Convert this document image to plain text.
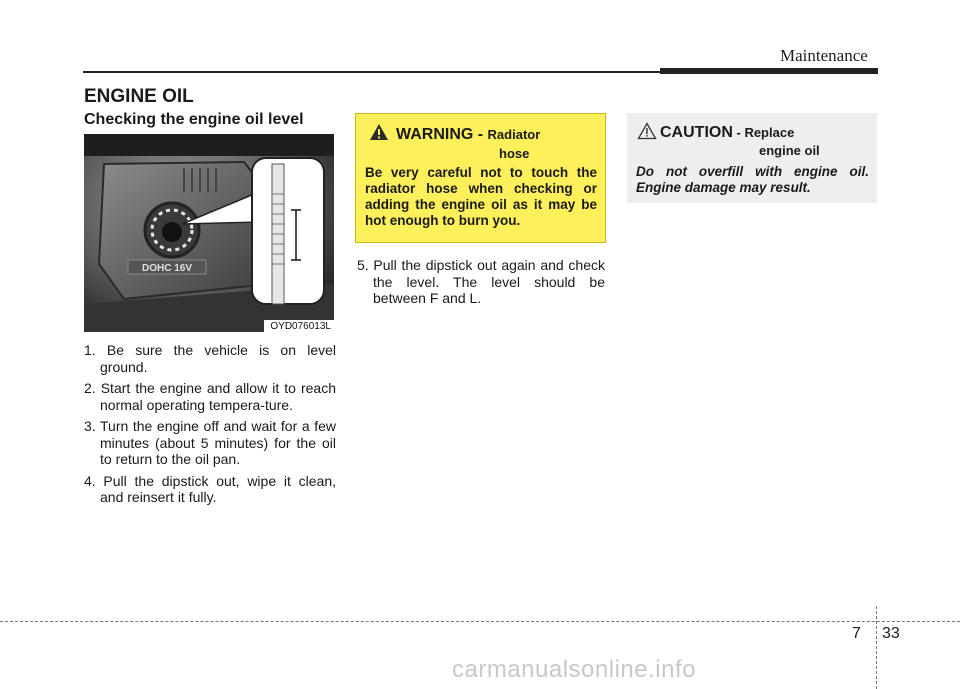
Maintenance
ENGINE OIL
Checking the engine oil level
DOHC 16V
OYD076013L
1. Be sure the vehicle is on level ground.
2. Start the engine and allow it to reach normal operating tempera-ture.
3. Turn the engine off and wait for a few minutes (about 5 minutes) for the oil to return to the oil pan.
4. Pull the dipstick out, wipe it clean, and reinsert it fully.
WARNING - Radiator
hose
Be very careful not to touch the radiator hose when checking or adding the engine oil as it may be hot enough to burn you.
5. Pull the dipstick out again and check the level. The level should be between F and L.
CAUTION - Replace
engine oil
Do not overfill with engine oil. Engine damage may result.
7 33
carmanualsonline.info
